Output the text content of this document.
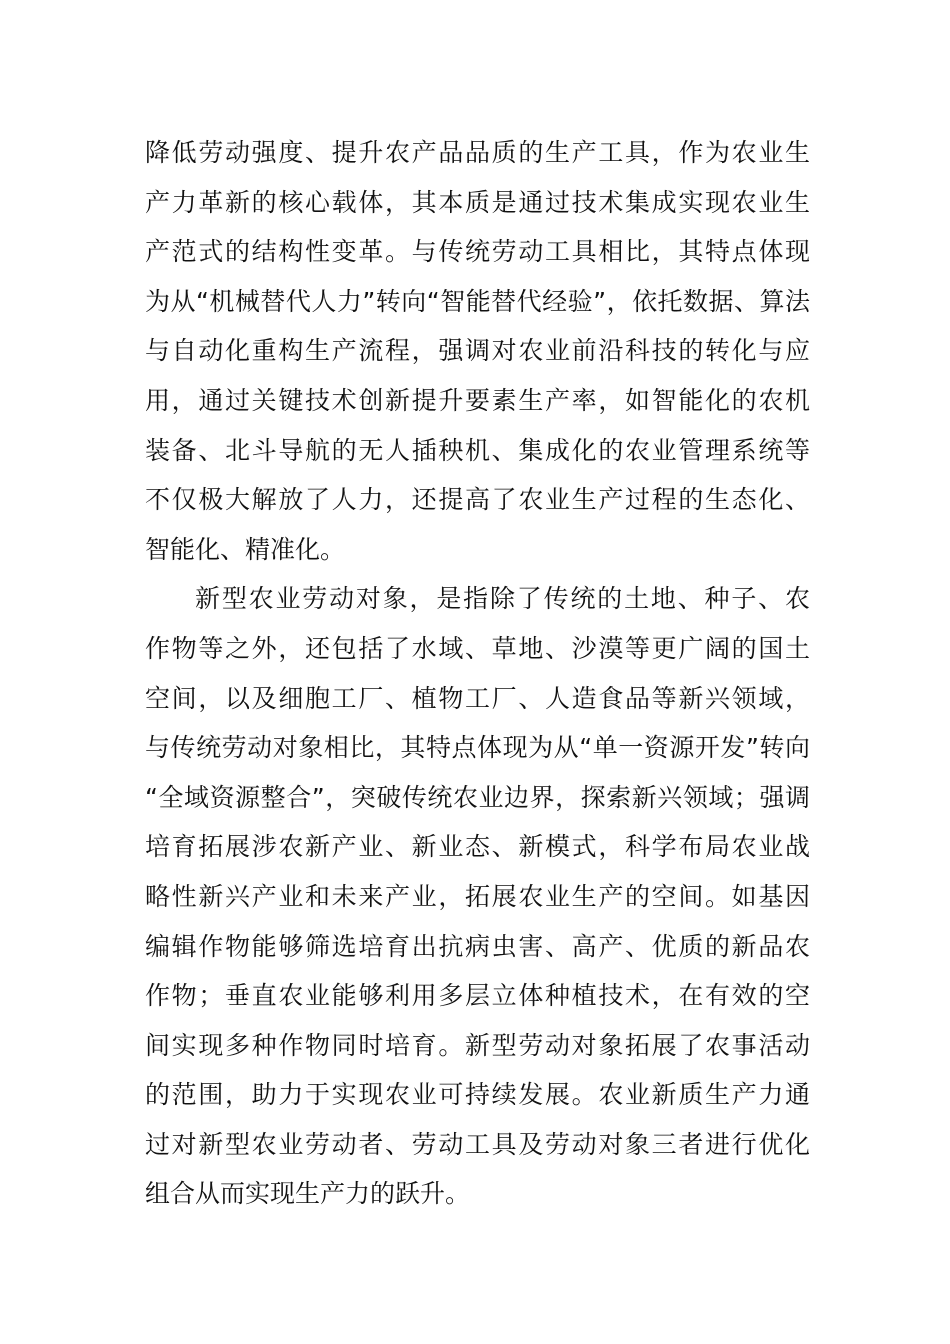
降低劳动强度、提升农产品品质的生产工具，作为农业生
产力革新的核心载体，其本质是通过技术集成实现农业生
产范式的结构性变革。与传统劳动工具相比，其特点体现
为从“机械替代人力”转向“智能替代经验”，依托数据、算法
与自动化重构生产流程，强调对农业前沿科技的转化与应
用，通过关键技术创新提升要素生产率，如智能化的农机
装备、北斗导航的无人插秧机、集成化的农业管理系统等
不仅极大解放了人力，还提高了农业生产过程的生态化、
智能化、精准化。
新型农业劳动对象，是指除了传统的土地、种子、农
作物等之外，还包括了水域、草地、沙漠等更广阔的国土
空间，以及细胞工厂、植物工厂、人造食品等新兴领域，
与传统劳动对象相比，其特点体现为从“单一资源开发”转向
“全域资源整合”，突破传统农业边界，探索新兴领域；强调
培育拓展涉农新产业、新业态、新模式，科学布局农业战
略性新兴产业和未来产业，拓展农业生产的空间。如基因
编辑作物能够筛选培育出抗病虫害、高产、优质的新品农
作物；垂直农业能够利用多层立体种植技术，在有效的空
间实现多种作物同时培育。新型劳动对象拓展了农事活动
的范围，助力于实现农业可持续发展。农业新质生产力通
过对新型农业劳动者、劳动工具及劳动对象三者进行优化
组合从而实现生产力的跃升。
